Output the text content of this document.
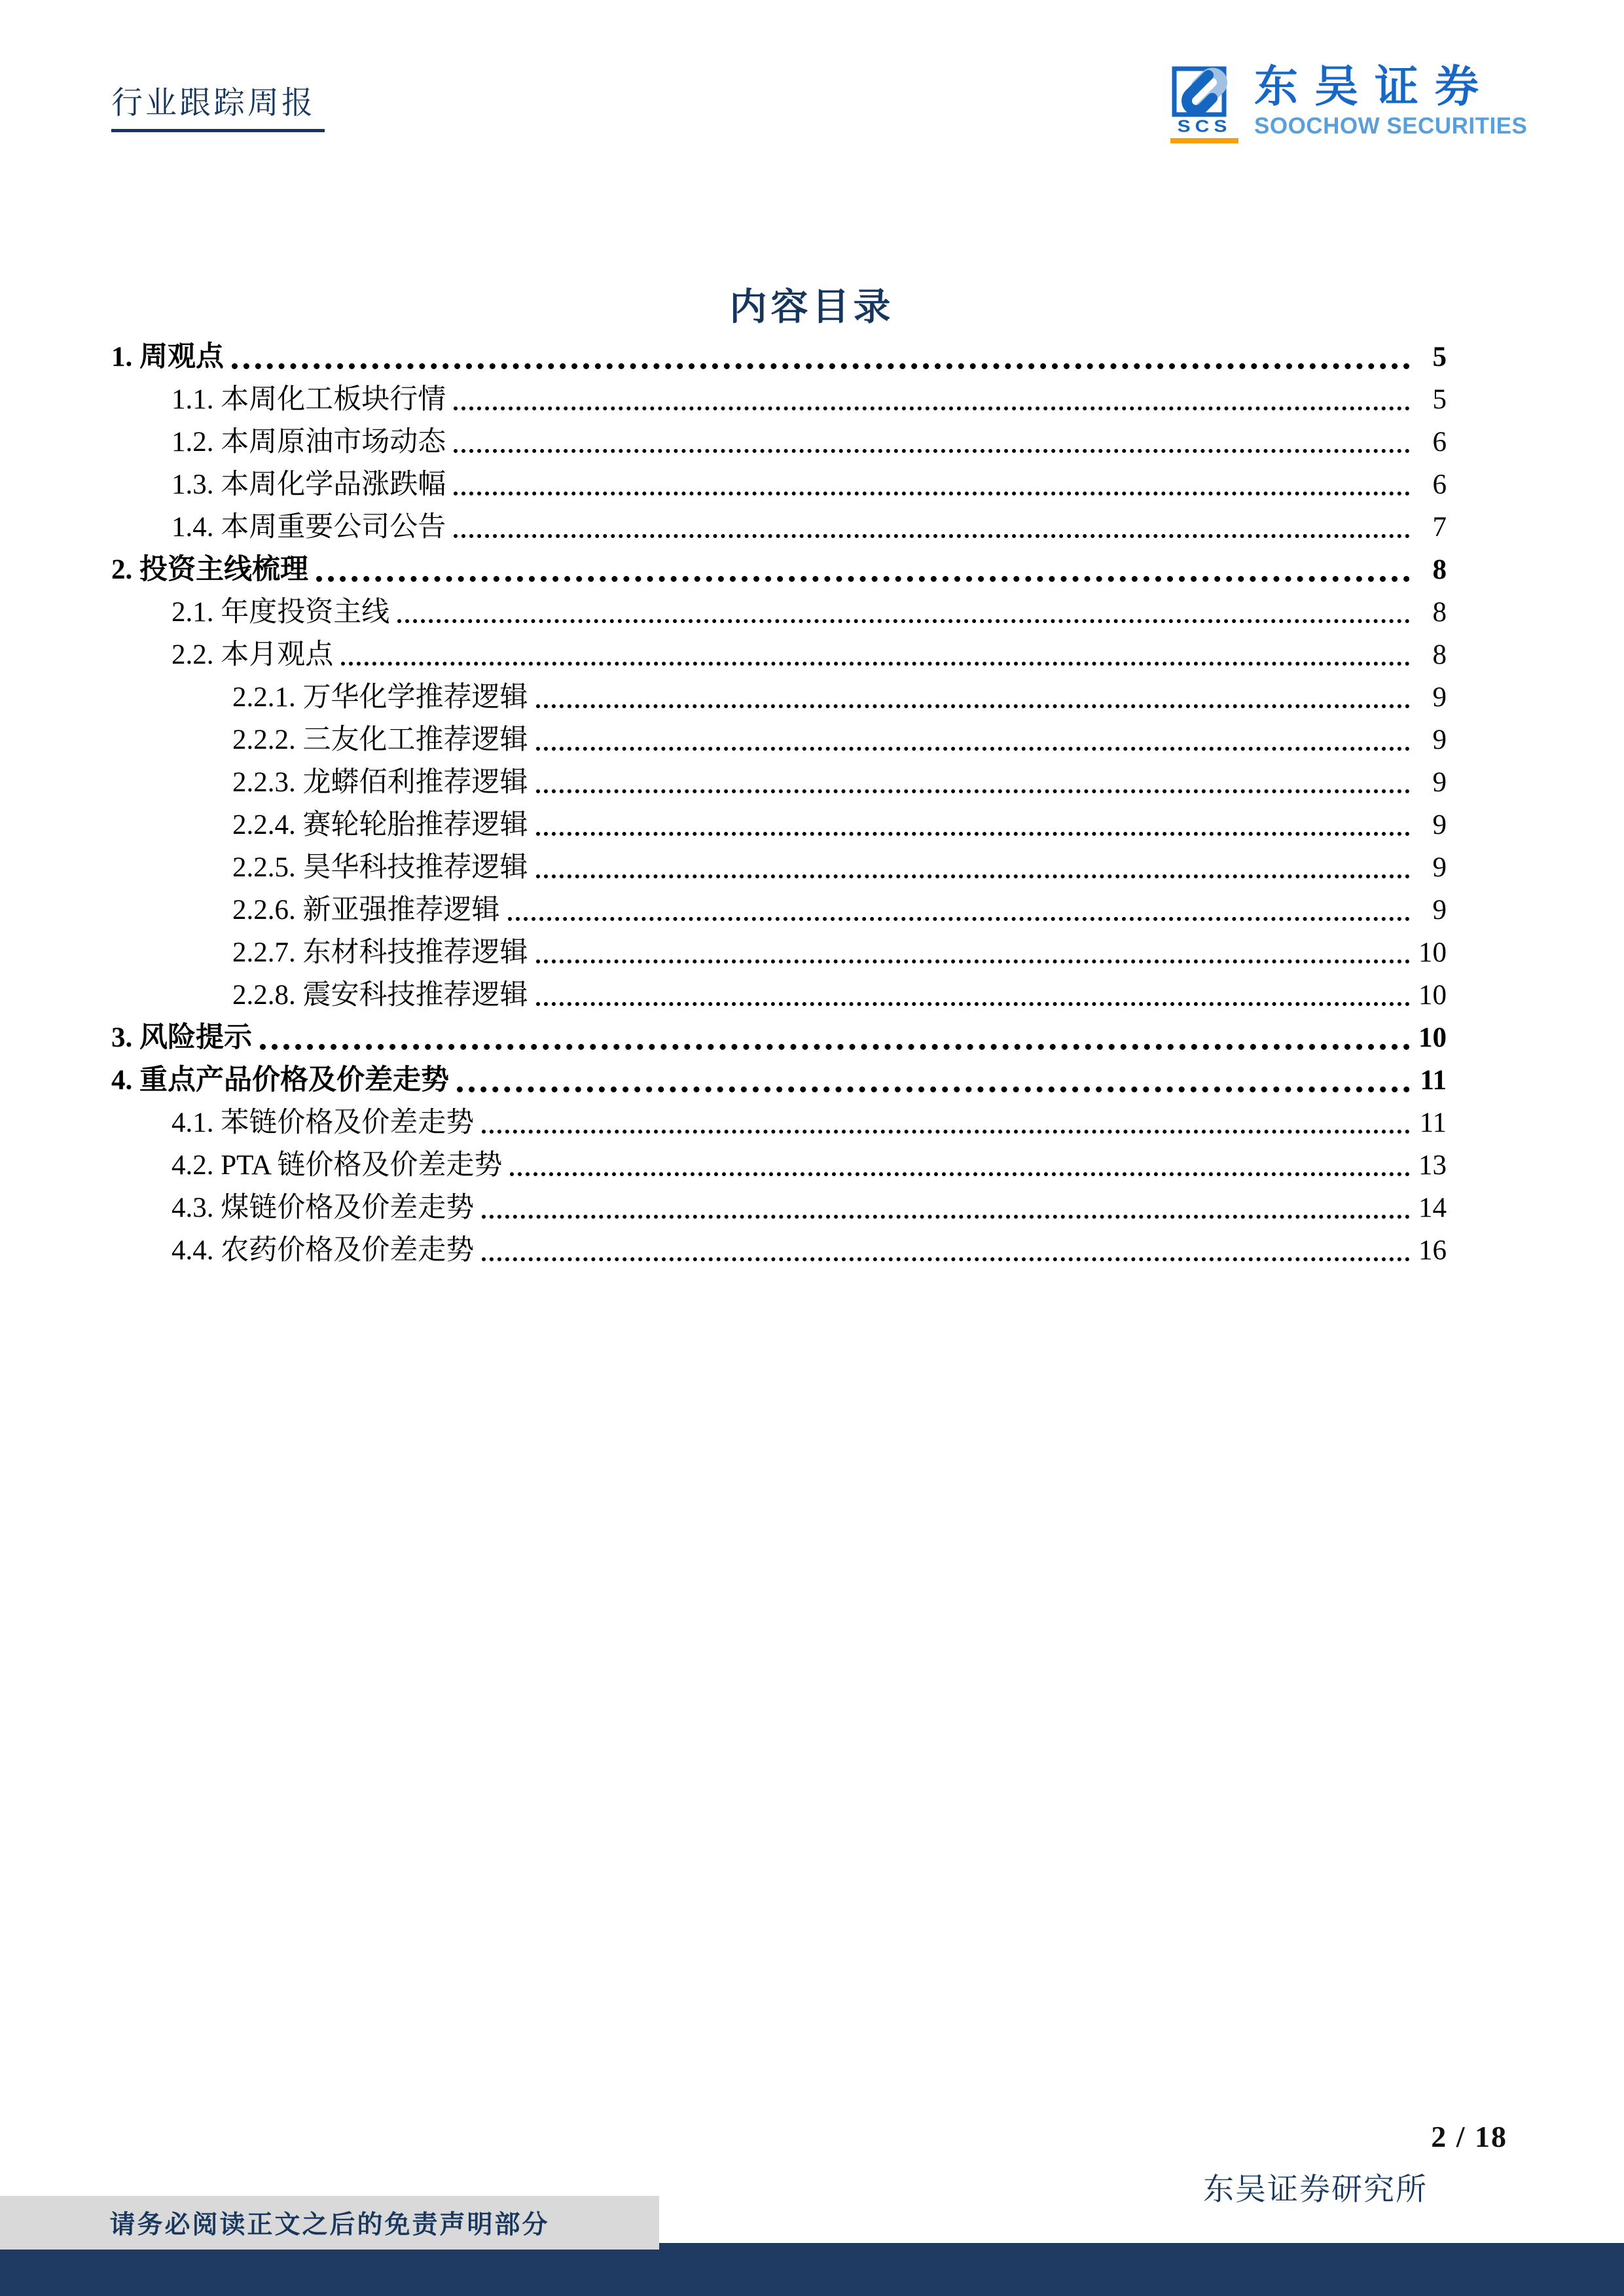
行业跟踪周报
SCS
东吴证券
SOOCHOW SECURITIES
内容目录
1. 周观点	5
1.1. 本周化工板块行情	5
1.2. 本周原油市场动态	6
1.3. 本周化学品涨跌幅	6
1.4. 本周重要公司公告	7
2. 投资主线梳理	8
2.1. 年度投资主线	8
2.2. 本月观点	8
2.2.1. 万华化学推荐逻辑	9
2.2.2. 三友化工推荐逻辑	9
2.2.3. 龙蟒佰利推荐逻辑	9
2.2.4. 赛轮轮胎推荐逻辑	9
2.2.5. 昊华科技推荐逻辑	9
2.2.6. 新亚强推荐逻辑	9
2.2.7. 东材科技推荐逻辑	10
2.2.8. 震安科技推荐逻辑	10
3. 风险提示	10
4. 重点产品价格及价差走势	11
4.1. 苯链价格及价差走势	11
4.2. PTA 链价格及价差走势	13
4.3. 煤链价格及价差走势	14
4.4. 农药价格及价差走势	16
2 / 18
东吴证券研究所
请务必阅读正文之后的免责声明部分
